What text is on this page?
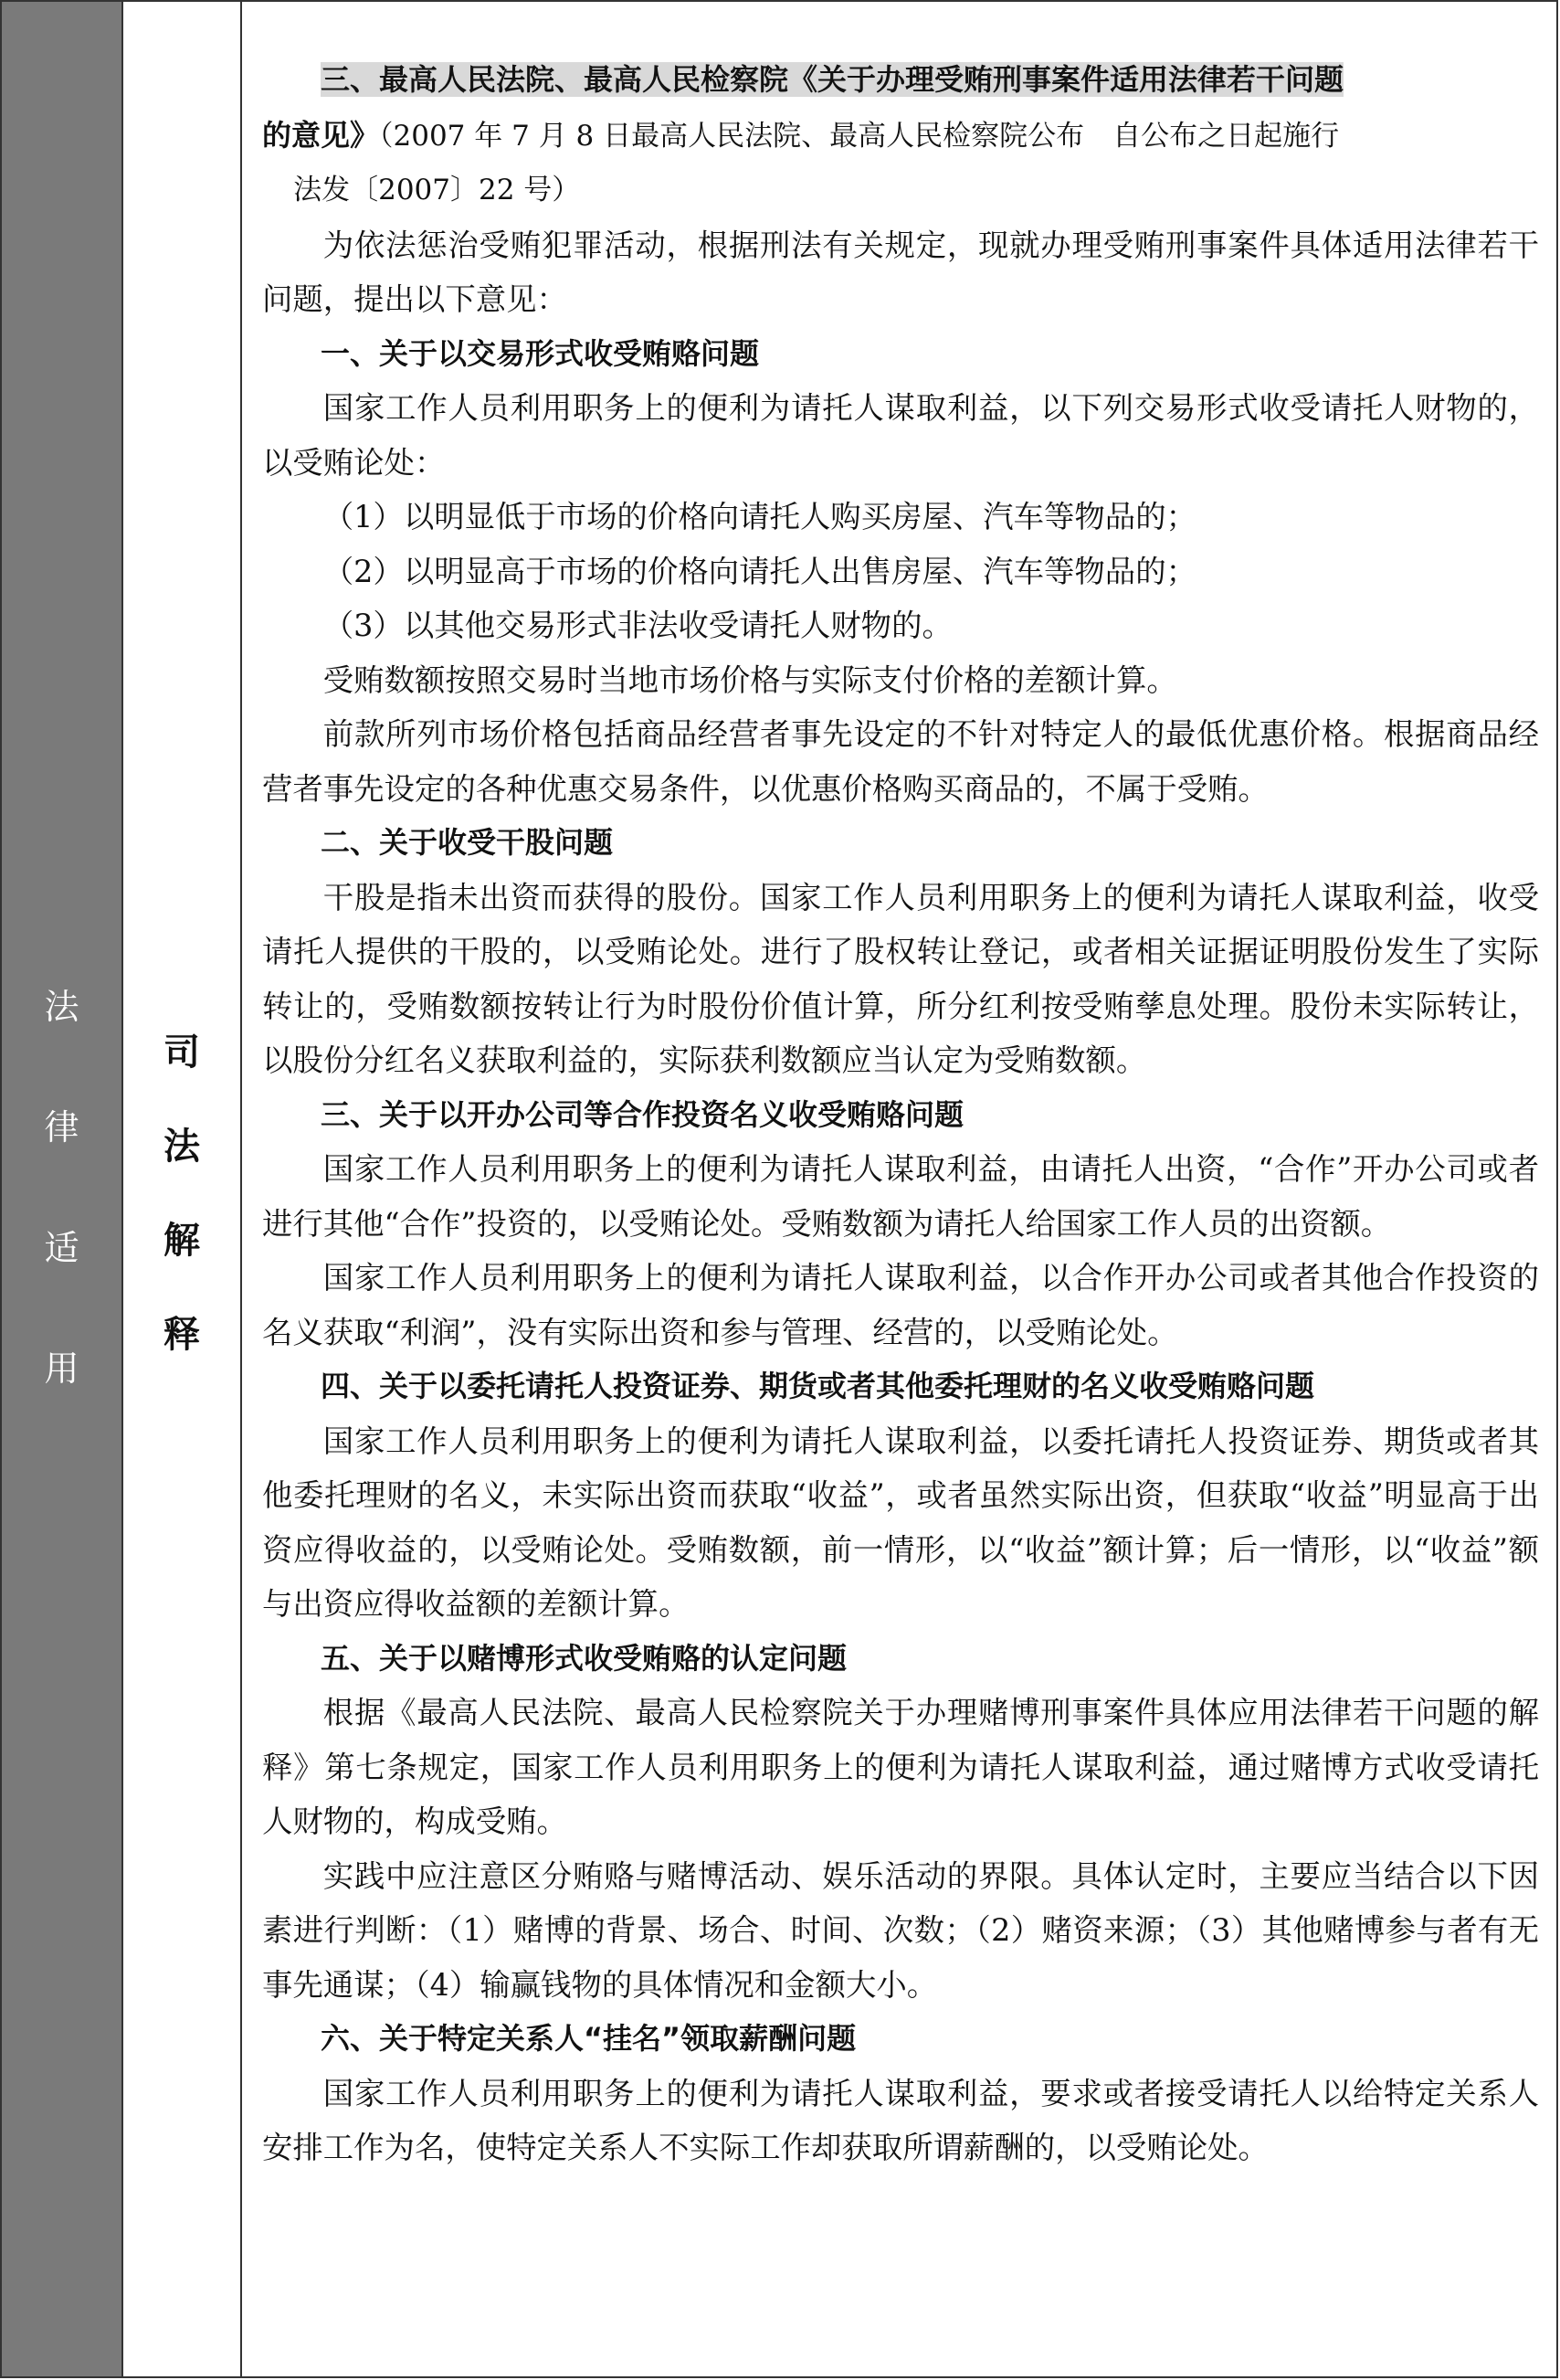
法
律
适
用
司
法
解
释

三、最高人民法院、最高人民检察院《关于办理受贿刑事案件适用法律若干问题

的意见》（2007 年 7 月 8 日最高人民法院、最高人民检察院公布　自公布之日起施行

法发〔2007〕22 号）

为依法惩治受贿犯罪活动，根据刑法有关规定，现就办理受贿刑事案件具体适用法律若干问题，提出以下意见：

一、关于以交易形式收受贿赂问题

国家工作人员利用职务上的便利为请托人谋取利益，以下列交易形式收受请托人财物的，以受贿论处：

（1）以明显低于市场的价格向请托人购买房屋、汽车等物品的；

（2）以明显高于市场的价格向请托人出售房屋、汽车等物品的；

（3）以其他交易形式非法收受请托人财物的。

受贿数额按照交易时当地市场价格与实际支付价格的差额计算。

前款所列市场价格包括商品经营者事先设定的不针对特定人的最低优惠价格。根据商品经营者事先设定的各种优惠交易条件，以优惠价格购买商品的，不属于受贿。

二、关于收受干股问题

干股是指未出资而获得的股份。国家工作人员利用职务上的便利为请托人谋取利益，收受请托人提供的干股的，以受贿论处。进行了股权转让登记，或者相关证据证明股份发生了实际转让的，受贿数额按转让行为时股份价值计算，所分红利按受贿孳息处理。股份未实际转让，以股份分红名义获取利益的，实际获利数额应当认定为受贿数额。

三、关于以开办公司等合作投资名义收受贿赂问题

国家工作人员利用职务上的便利为请托人谋取利益，由请托人出资，“合作”开办公司或者进行其他“合作”投资的，以受贿论处。受贿数额为请托人给国家工作人员的出资额。

国家工作人员利用职务上的便利为请托人谋取利益，以合作开办公司或者其他合作投资的名义获取“利润”，没有实际出资和参与管理、经营的，以受贿论处。

四、关于以委托请托人投资证券、期货或者其他委托理财的名义收受贿赂问题

国家工作人员利用职务上的便利为请托人谋取利益，以委托请托人投资证券、期货或者其他委托理财的名义，未实际出资而获取“收益”，或者虽然实际出资，但获取“收益”明显高于出资应得收益的，以受贿论处。受贿数额，前一情形，以“收益”额计算；后一情形，以“收益”额与出资应得收益额的差额计算。

五、关于以赌博形式收受贿赂的认定问题

根据《最高人民法院、最高人民检察院关于办理赌博刑事案件具体应用法律若干问题的解释》第七条规定，国家工作人员利用职务上的便利为请托人谋取利益，通过赌博方式收受请托人财物的，构成受贿。

实践中应注意区分贿赂与赌博活动、娱乐活动的界限。具体认定时，主要应当结合以下因素进行判断：（1）赌博的背景、场合、时间、次数；（2）赌资来源；（3）其他赌博参与者有无事先通谋；（4）输赢钱物的具体情况和金额大小。

六、关于特定关系人“挂名”领取薪酬问题

国家工作人员利用职务上的便利为请托人谋取利益，要求或者接受请托人以给特定关系人安排工作为名，使特定关系人不实际工作却获取所谓薪酬的，以受贿论处。
